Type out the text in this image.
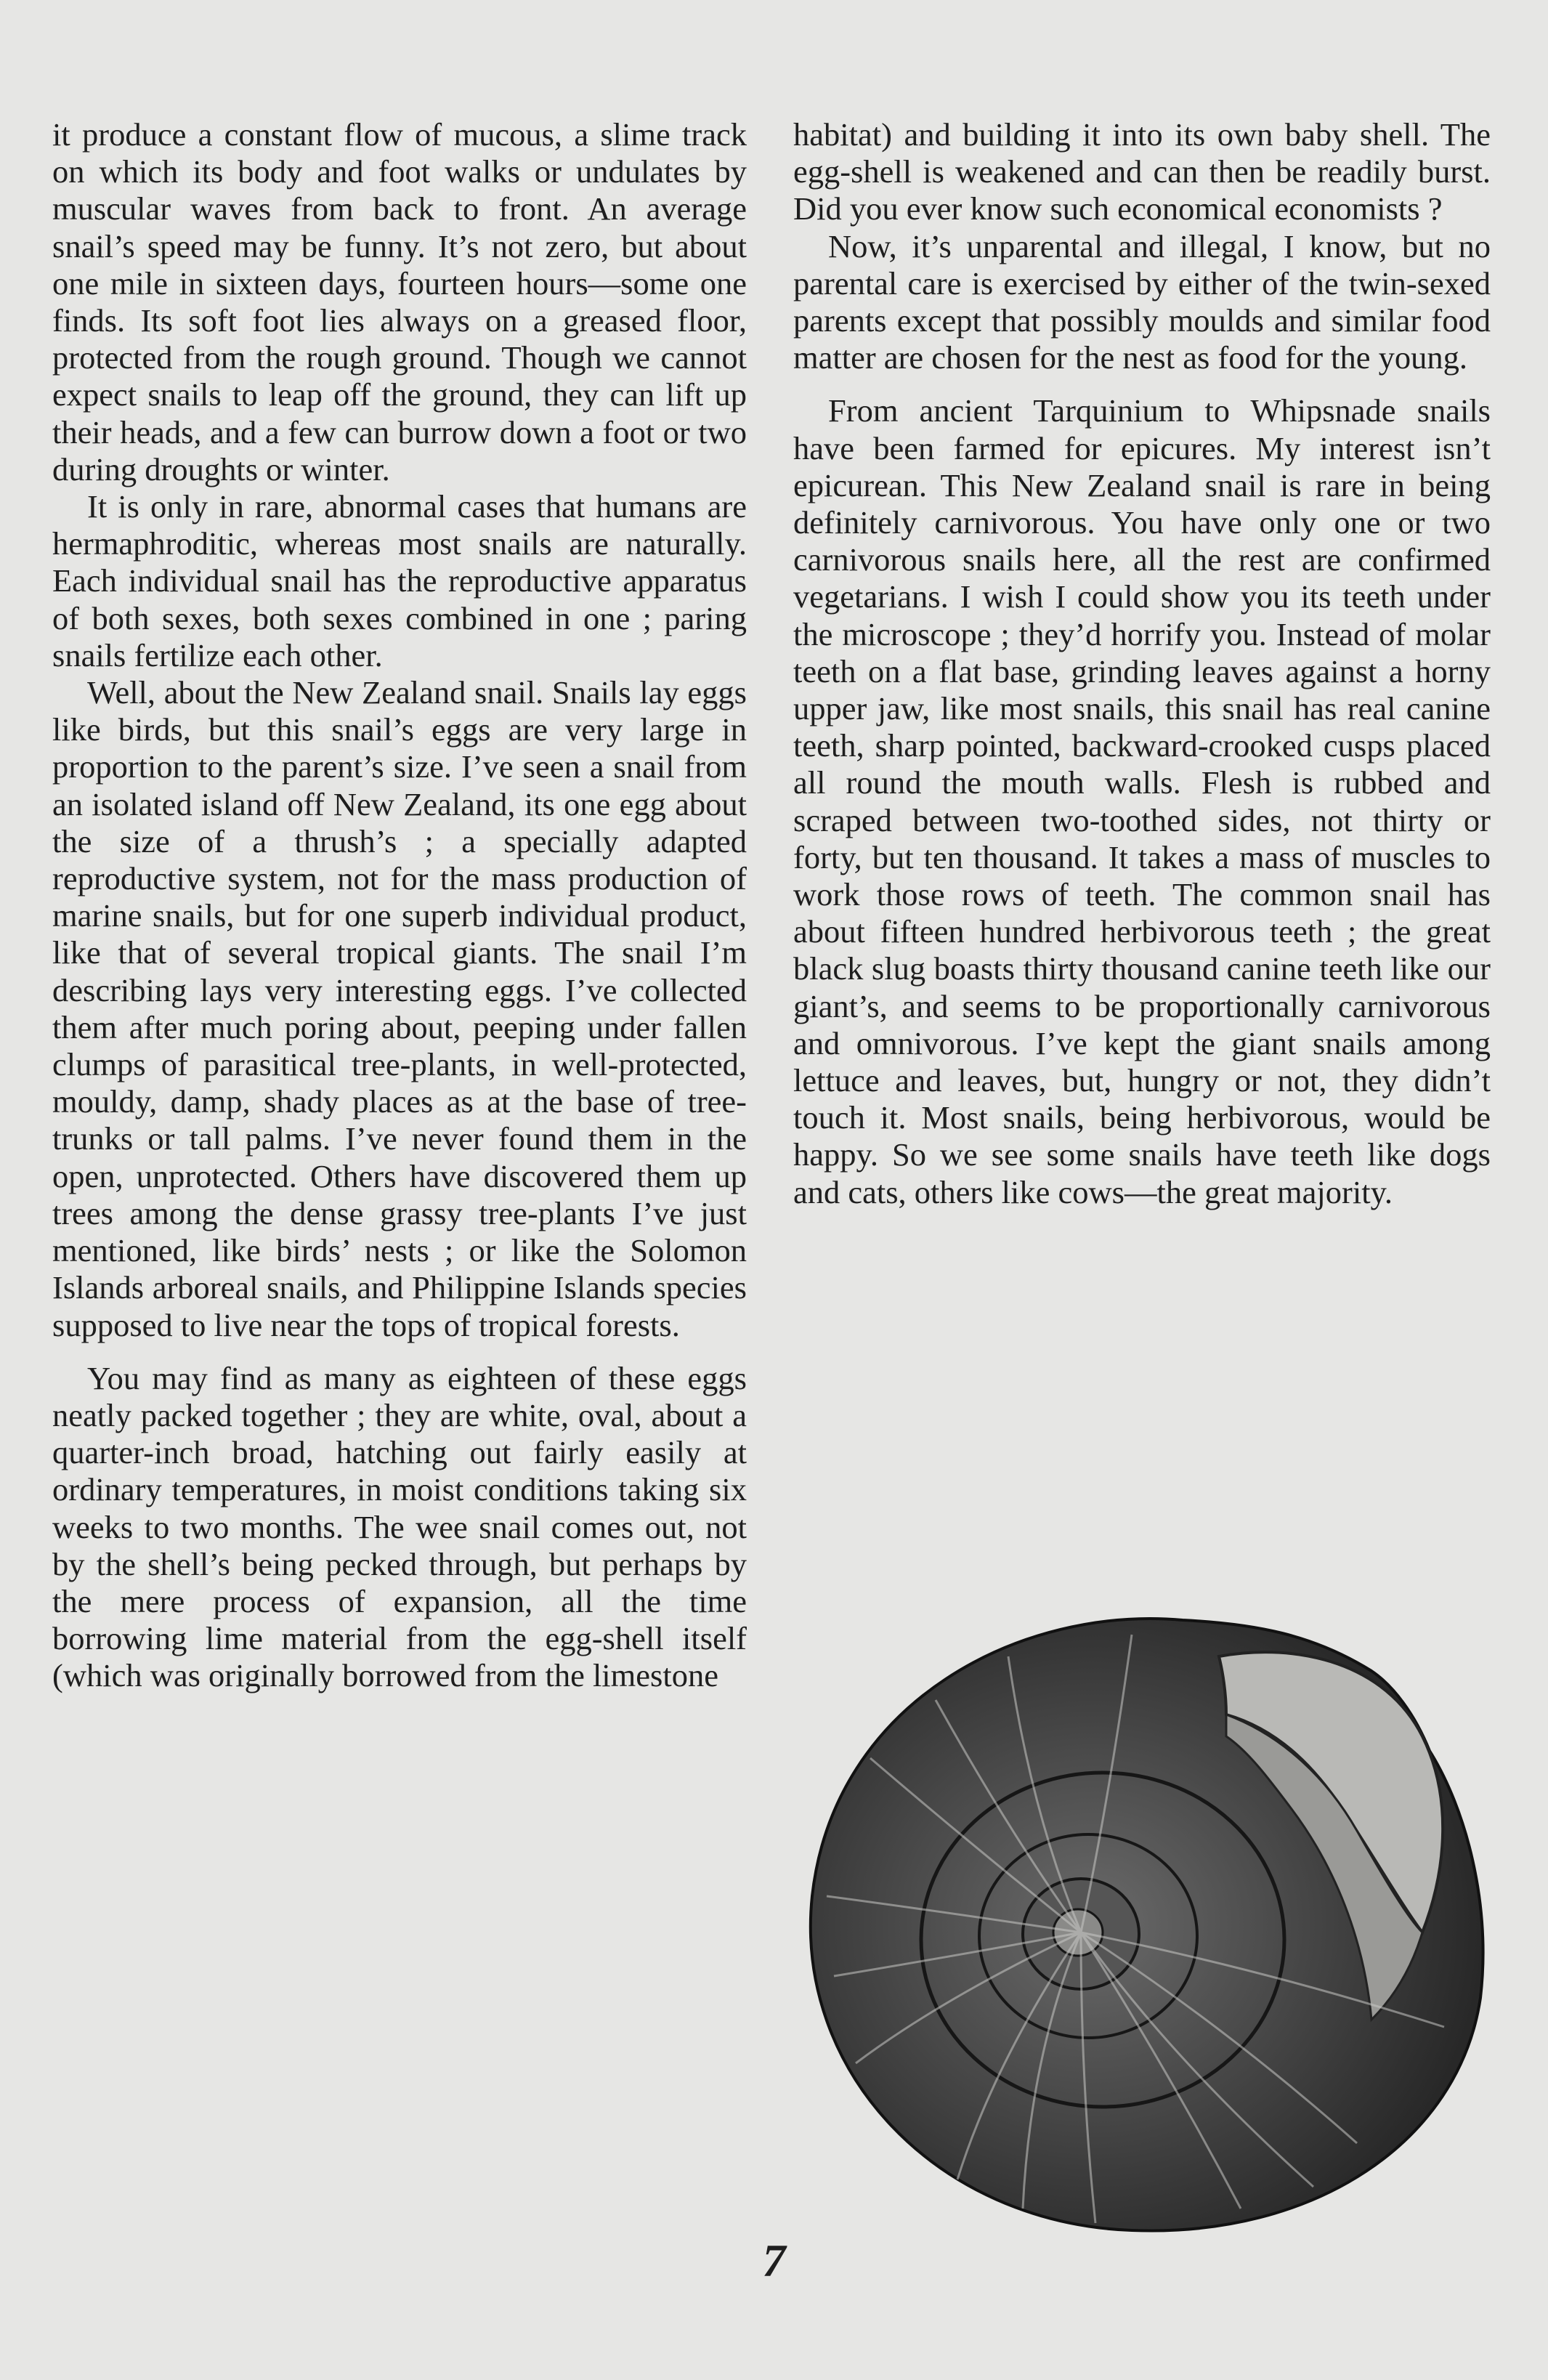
it produce a constant flow of mucous, a slime track on which its body and foot walks or undulates by muscular waves from back to front. An average snail’s speed may be funny. It’s not zero, but about one mile in sixteen days, fourteen hours—some one finds. Its soft foot lies always on a greased floor, protected from the rough ground. Though we cannot expect snails to leap off the ground, they can lift up their heads, and a few can burrow down a foot or two during droughts or winter.

It is only in rare, abnormal cases that humans are hermaphroditic, whereas most snails are naturally. Each individual snail has the reproductive apparatus of both sexes, both sexes combined in one ; paring snails fertilize each other.

Well, about the New Zealand snail. Snails lay eggs like birds, but this snail’s eggs are very large in proportion to the parent’s size. I’ve seen a snail from an isolated island off New Zealand, its one egg about the size of a thrush’s ; a specially adapted reproductive system, not for the mass production of marine snails, but for one superb individual product, like that of several tropical giants. The snail I’m describing lays very interesting eggs. I’ve collected them after much poring about, peeping under fallen clumps of parasitical tree-plants, in well-protected, mouldy, damp, shady places as at the base of tree-trunks or tall palms. I’ve never found them in the open, unprotected. Others have discovered them up trees among the dense grassy tree-plants I’ve just mentioned, like birds’ nests ; or like the Solomon Islands arboreal snails, and Philippine Islands species supposed to live near the tops of tropical forests.

You may find as many as eighteen of these eggs neatly packed together ; they are white, oval, about a quarter-inch broad, hatching out fairly easily at ordinary temperatures, in moist conditions taking six weeks to two months. The wee snail comes out, not by the shell’s being pecked through, but perhaps by the mere process of expansion, all the time borrowing lime material from the egg-shell itself (which was originally borrowed from the limestone

habitat) and building it into its own baby shell. The egg-shell is weakened and can then be readily burst. Did you ever know such economical economists ?

Now, it’s unparental and illegal, I know, but no parental care is exercised by either of the twin-sexed parents except that possibly moulds and similar food matter are chosen for the nest as food for the young.

From ancient Tarquinium to Whipsnade snails have been farmed for epicures. My interest isn’t epicurean. This New Zealand snail is rare in being definitely carnivorous. You have only one or two carnivorous snails here, all the rest are confirmed vegetarians. I wish I could show you its teeth under the microscope ; they’d horrify you. Instead of molar teeth on a flat base, grinding leaves against a horny upper jaw, like most snails, this snail has real canine teeth, sharp pointed, backward-crooked cusps placed all round the mouth walls. Flesh is rubbed and scraped between two-toothed sides, not thirty or forty, but ten thousand. It takes a mass of muscles to work those rows of teeth. The common snail has about fifteen hundred herbivorous teeth ; the great black slug boasts thirty thousand canine teeth like our giant’s, and seems to be proportionally carnivorous and omnivorous. I’ve kept the giant snails among lettuce and leaves, but, hungry or not, they didn’t touch it. Most snails, being herbivorous, would be happy. So we see some snails have teeth like dogs and cats, others like cows—the great majority.

7
